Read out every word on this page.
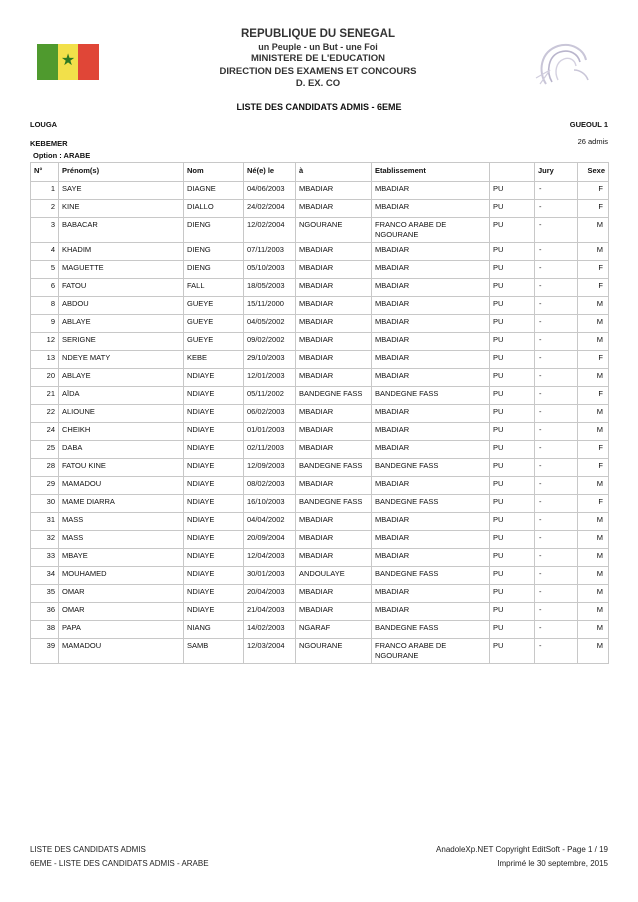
★
REPUBLIQUE DU SENEGAL
un Peuple - un But - une Foi
MINISTERE DE L'EDUCATION
DIRECTION DES EXAMENS ET CONCOURS
D. EX. CO
LISTE DES CANDIDATS ADMIS - 6EME
LOUGA	GUEOUL 1
KEBEMER	26 admis
Option : ARABE
N°	Prénom(s)	Nom	Né(e) le	à	Etablissement		Jury	Sexe
1	SAYE	DIAGNE	04/06/2003	MBADIAR	MBADIAR	PU	-	F
2	KINE	DIALLO	24/02/2004	MBADIAR	MBADIAR	PU	-	F
3	BABACAR	DIENG	12/02/2004	NGOURANE	FRANCO ARABE DE NGOURANE	PU	-	M
4	KHADIM	DIENG	07/11/2003	MBADIAR	MBADIAR	PU	-	M
5	MAGUETTE	DIENG	05/10/2003	MBADIAR	MBADIAR	PU	-	F
6	FATOU	FALL	18/05/2003	MBADIAR	MBADIAR	PU	-	F
8	ABDOU	GUEYE	15/11/2000	MBADIAR	MBADIAR	PU	-	M
9	ABLAYE	GUEYE	04/05/2002	MBADIAR	MBADIAR	PU	-	M
12	SERIGNE	GUEYE	09/02/2002	MBADIAR	MBADIAR	PU	-	M
13	NDEYE MATY	KEBE	29/10/2003	MBADIAR	MBADIAR	PU	-	F
20	ABLAYE	NDIAYE	12/01/2003	MBADIAR	MBADIAR	PU	-	M
21	AÏDA	NDIAYE	05/11/2002	BANDEGNE FASS	BANDEGNE FASS	PU	-	F
22	ALIOUNE	NDIAYE	06/02/2003	MBADIAR	MBADIAR	PU	-	M
24	CHEIKH	NDIAYE	01/01/2003	MBADIAR	MBADIAR	PU	-	M
25	DABA	NDIAYE	02/11/2003	MBADIAR	MBADIAR	PU	-	F
28	FATOU KINE	NDIAYE	12/09/2003	BANDEGNE FASS	BANDEGNE FASS	PU	-	F
29	MAMADOU	NDIAYE	08/02/2003	MBADIAR	MBADIAR	PU	-	M
30	MAME DIARRA	NDIAYE	16/10/2003	BANDEGNE FASS	BANDEGNE FASS	PU	-	F
31	MASS	NDIAYE	04/04/2002	MBADIAR	MBADIAR	PU	-	M
32	MASS	NDIAYE	20/09/2004	MBADIAR	MBADIAR	PU	-	M
33	MBAYE	NDIAYE	12/04/2003	MBADIAR	MBADIAR	PU	-	M
34	MOUHAMED	NDIAYE	30/01/2003	ANDOULAYE	BANDEGNE FASS	PU	-	M
35	OMAR	NDIAYE	20/04/2003	MBADIAR	MBADIAR	PU	-	M
36	OMAR	NDIAYE	21/04/2003	MBADIAR	MBADIAR	PU	-	M
38	PAPA	NIANG	14/02/2003	NGARAF	BANDEGNE FASS	PU	-	M
39	MAMADOU	SAMB	12/03/2004	NGOURANE	FRANCO ARABE DE NGOURANE	PU	-	M
LISTE DES CANDIDATS ADMIS
6EME - LISTE DES CANDIDATS ADMIS - ARABE
AnadoleXp.NET Copyright EditSoft - Page 1 / 19
Imprimé le 30 septembre, 2015
